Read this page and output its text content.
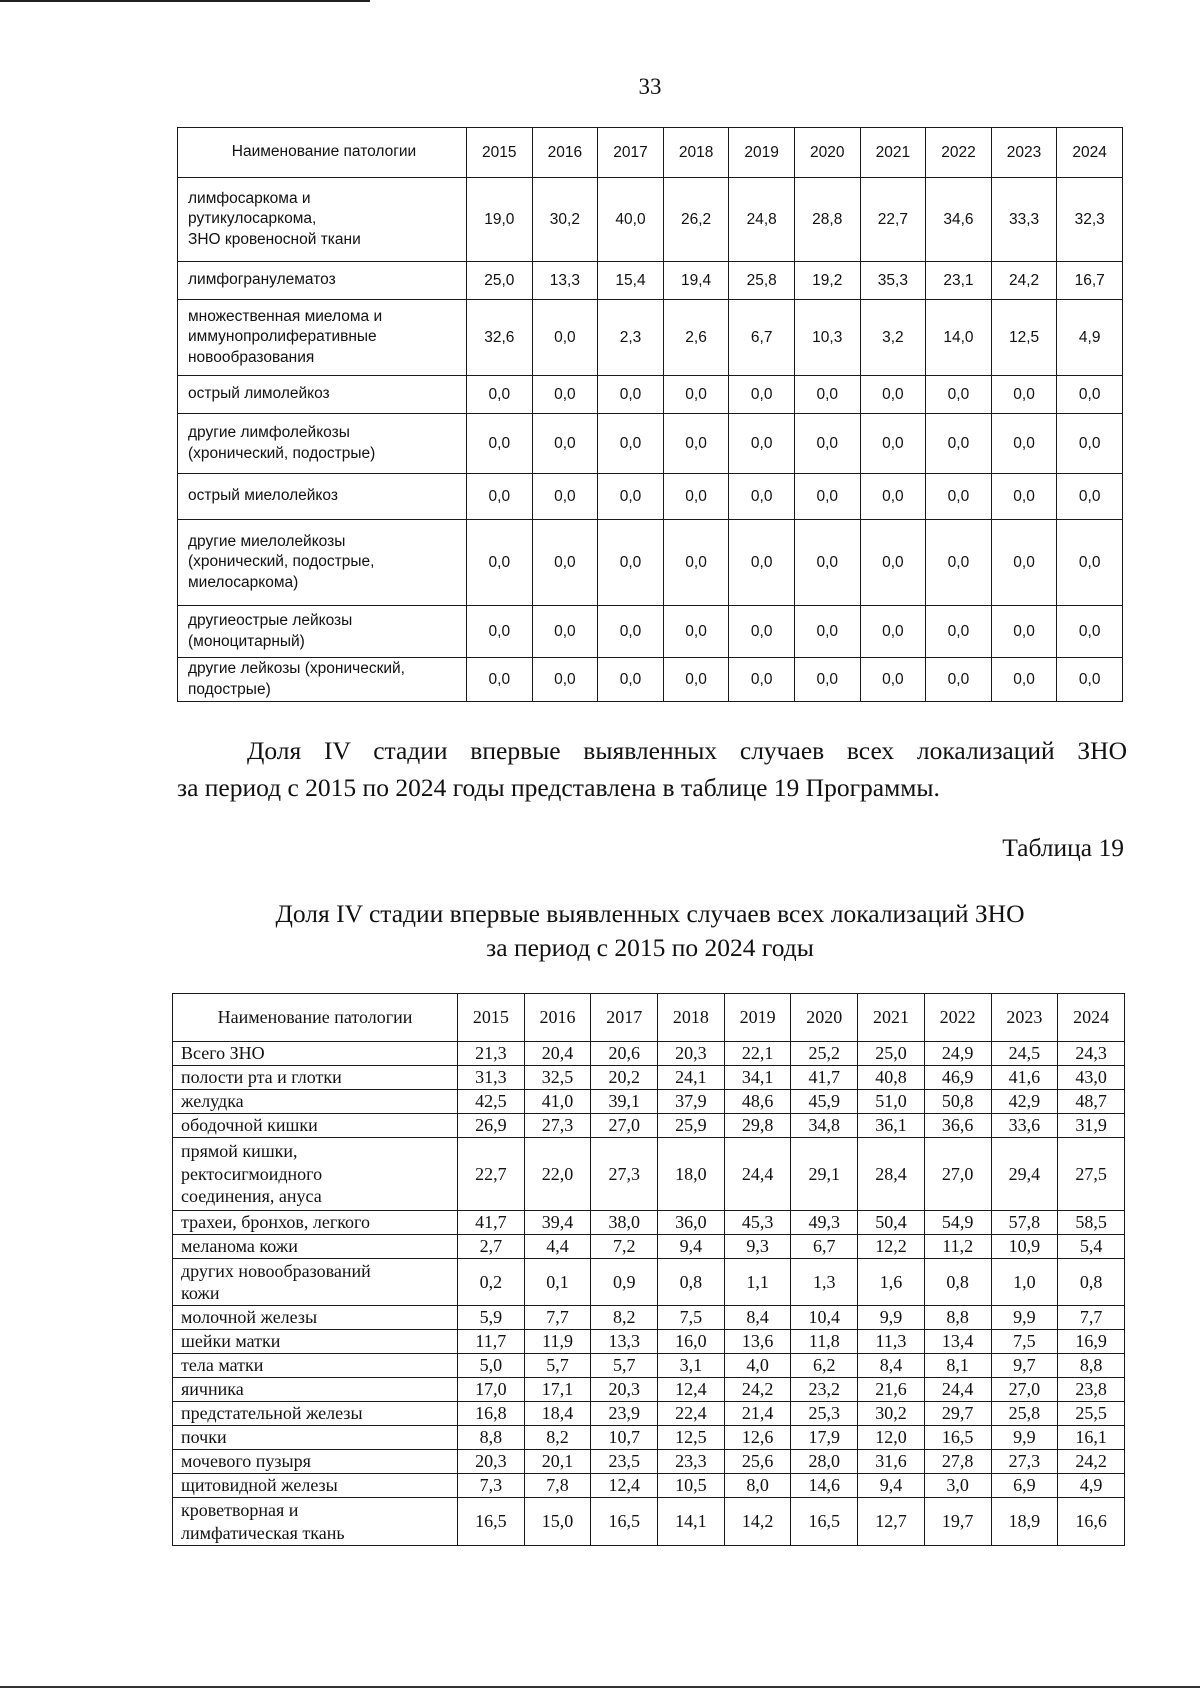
33
Наименование патологии	2015	2016	2017	2018	2019	2020	2021	2022	2023	2024
лимфосаркома и
рутикулосаркома,
ЗНО кровеносной ткани	19,0	30,2	40,0	26,2	24,8	28,8	22,7	34,6	33,3	32,3
лимфогранулематоз	25,0	13,3	15,4	19,4	25,8	19,2	35,3	23,1	24,2	16,7
множественная миелома и
иммунопролиферативные
новообразования	32,6	0,0	2,3	2,6	6,7	10,3	3,2	14,0	12,5	4,9
острый лимолейкоз	0,0	0,0	0,0	0,0	0,0	0,0	0,0	0,0	0,0	0,0
другие лимфолейкозы
(хронический, подострые)	0,0	0,0	0,0	0,0	0,0	0,0	0,0	0,0	0,0	0,0
острый миелолейкоз	0,0	0,0	0,0	0,0	0,0	0,0	0,0	0,0	0,0	0,0
другие миелолейкозы
(хронический, подострые,
миелосаркома)	0,0	0,0	0,0	0,0	0,0	0,0	0,0	0,0	0,0	0,0
другиеострые лейкозы
(моноцитарный)	0,0	0,0	0,0	0,0	0,0	0,0	0,0	0,0	0,0	0,0
другие лейкозы (хронический,
подострые)	0,0	0,0	0,0	0,0	0,0	0,0	0,0	0,0	0,0	0,0
Доля IV стадии впервые выявленных случаев всех локализаций ЗНО
за период с 2015 по 2024 годы представлена в таблице 19 Программы.
Таблица 19
Доля IV стадии впервые выявленных случаев всех локализаций ЗНО
за период с 2015 по 2024 годы
Наименование патологии	2015	2016	2017	2018	2019	2020	2021	2022	2023	2024
Всего ЗНО	21,3	20,4	20,6	20,3	22,1	25,2	25,0	24,9	24,5	24,3
полости рта и глотки	31,3	32,5	20,2	24,1	34,1	41,7	40,8	46,9	41,6	43,0
желудка	42,5	41,0	39,1	37,9	48,6	45,9	51,0	50,8	42,9	48,7
ободочной кишки	26,9	27,3	27,0	25,9	29,8	34,8	36,1	36,6	33,6	31,9
прямой кишки,
ректосигмоидного
соединения, ануса	22,7	22,0	27,3	18,0	24,4	29,1	28,4	27,0	29,4	27,5
трахеи, бронхов, легкого	41,7	39,4	38,0	36,0	45,3	49,3	50,4	54,9	57,8	58,5
меланома кожи	2,7	4,4	7,2	9,4	9,3	6,7	12,2	11,2	10,9	5,4
других новообразований
кожи	0,2	0,1	0,9	0,8	1,1	1,3	1,6	0,8	1,0	0,8
молочной железы	5,9	7,7	8,2	7,5	8,4	10,4	9,9	8,8	9,9	7,7
шейки матки	11,7	11,9	13,3	16,0	13,6	11,8	11,3	13,4	7,5	16,9
тела матки	5,0	5,7	5,7	3,1	4,0	6,2	8,4	8,1	9,7	8,8
яичника	17,0	17,1	20,3	12,4	24,2	23,2	21,6	24,4	27,0	23,8
предстательной железы	16,8	18,4	23,9	22,4	21,4	25,3	30,2	29,7	25,8	25,5
почки	8,8	8,2	10,7	12,5	12,6	17,9	12,0	16,5	9,9	16,1
мочевого пузыря	20,3	20,1	23,5	23,3	25,6	28,0	31,6	27,8	27,3	24,2
щитовидной железы	7,3	7,8	12,4	10,5	8,0	14,6	9,4	3,0	6,9	4,9
кроветворная и
лимфатическая ткань	16,5	15,0	16,5	14,1	14,2	16,5	12,7	19,7	18,9	16,6
